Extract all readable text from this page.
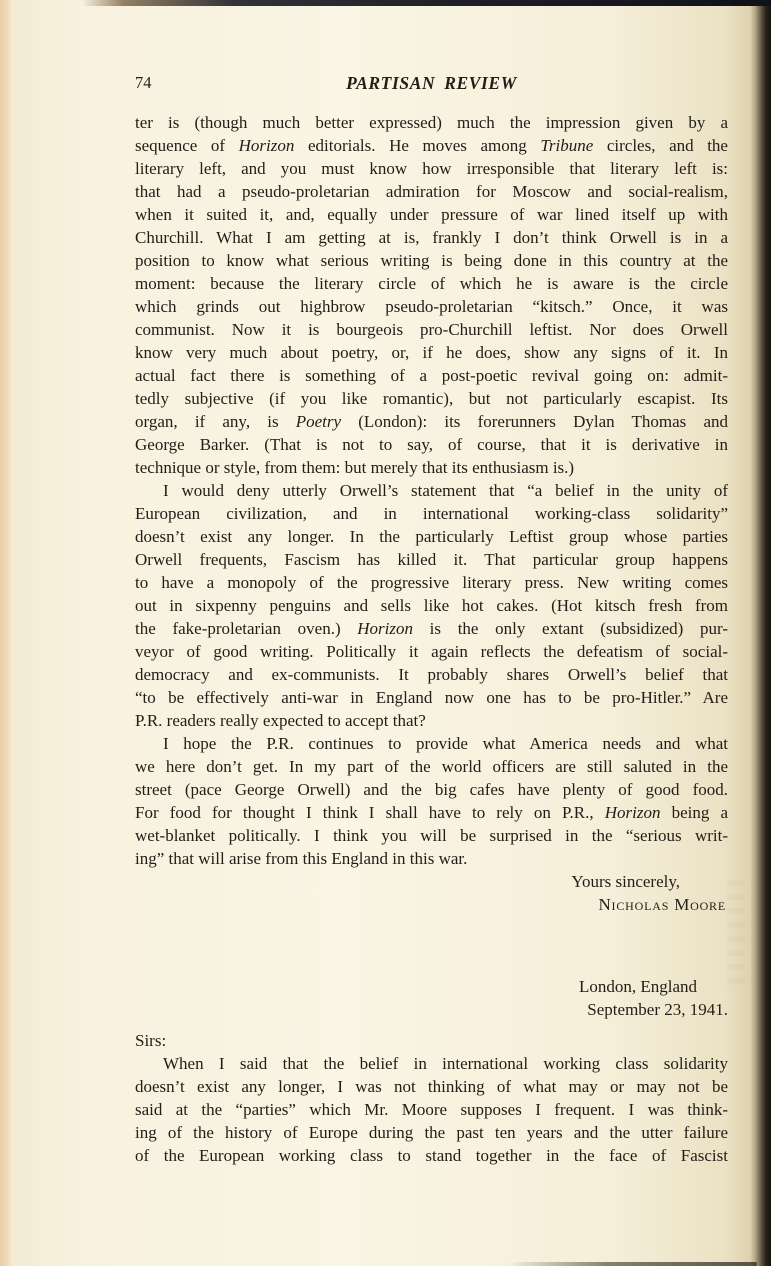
74	PARTISAN REVIEW
ter is (though much better expressed) much the impression given by a
sequence of Horizon editorials. He moves among Tribune circles, and the
literary left, and you must know how irresponsible that literary left is:
that had a pseudo-proletarian admiration for Moscow and social-realism,
when it suited it, and, equally under pressure of war lined itself up with
Churchill. What I am getting at is, frankly I don’t think Orwell is in a
position to know what serious writing is being done in this country at the
moment: because the literary circle of which he is aware is the circle
which grinds out highbrow pseudo-proletarian “kitsch.” Once, it was
communist. Now it is bourgeois pro-Churchill leftist. Nor does Orwell
know very much about poetry, or, if he does, show any signs of it. In
actual fact there is something of a post-poetic revival going on: admit-
tedly subjective (if you like romantic), but not particularly escapist. Its
organ, if any, is Poetry (London): its forerunners Dylan Thomas and
George Barker. (That is not to say, of course, that it is derivative in
technique or style, from them: but merely that its enthusiasm is.)
I would deny utterly Orwell’s statement that “a belief in the unity of
European civilization, and in international working-class solidarity”
doesn’t exist any longer. In the particularly Leftist group whose parties
Orwell frequents, Fascism has killed it. That particular group happens
to have a monopoly of the progressive literary press. New writing comes
out in sixpenny penguins and sells like hot cakes. (Hot kitsch fresh from
the fake-proletarian oven.) Horizon is the only extant (subsidized) pur-
veyor of good writing. Politically it again reflects the defeatism of social-
democracy and ex-communists. It probably shares Orwell’s belief that
“to be effectively anti-war in England now one has to be pro-Hitler.” Are
P.R. readers really expected to accept that?
I hope the P.R. continues to provide what America needs and what
we here don’t get. In my part of the world officers are still saluted in the
street (pace George Orwell) and the big cafes have plenty of good food.
For food for thought I think I shall have to rely on P.R., Horizon being a
wet-blanket politically. I think you will be surprised in the “serious writ-
ing” that will arise from this England in this war.
Yours sincerely,
Nicholas Moore
London, England
September 23, 1941.
Sirs:
When I said that the belief in international working class solidarity
doesn’t exist any longer, I was not thinking of what may or may not be
said at the “parties” which Mr. Moore supposes I frequent. I was think-
ing of the history of Europe during the past ten years and the utter failure
of the European working class to stand together in the face of Fascist
